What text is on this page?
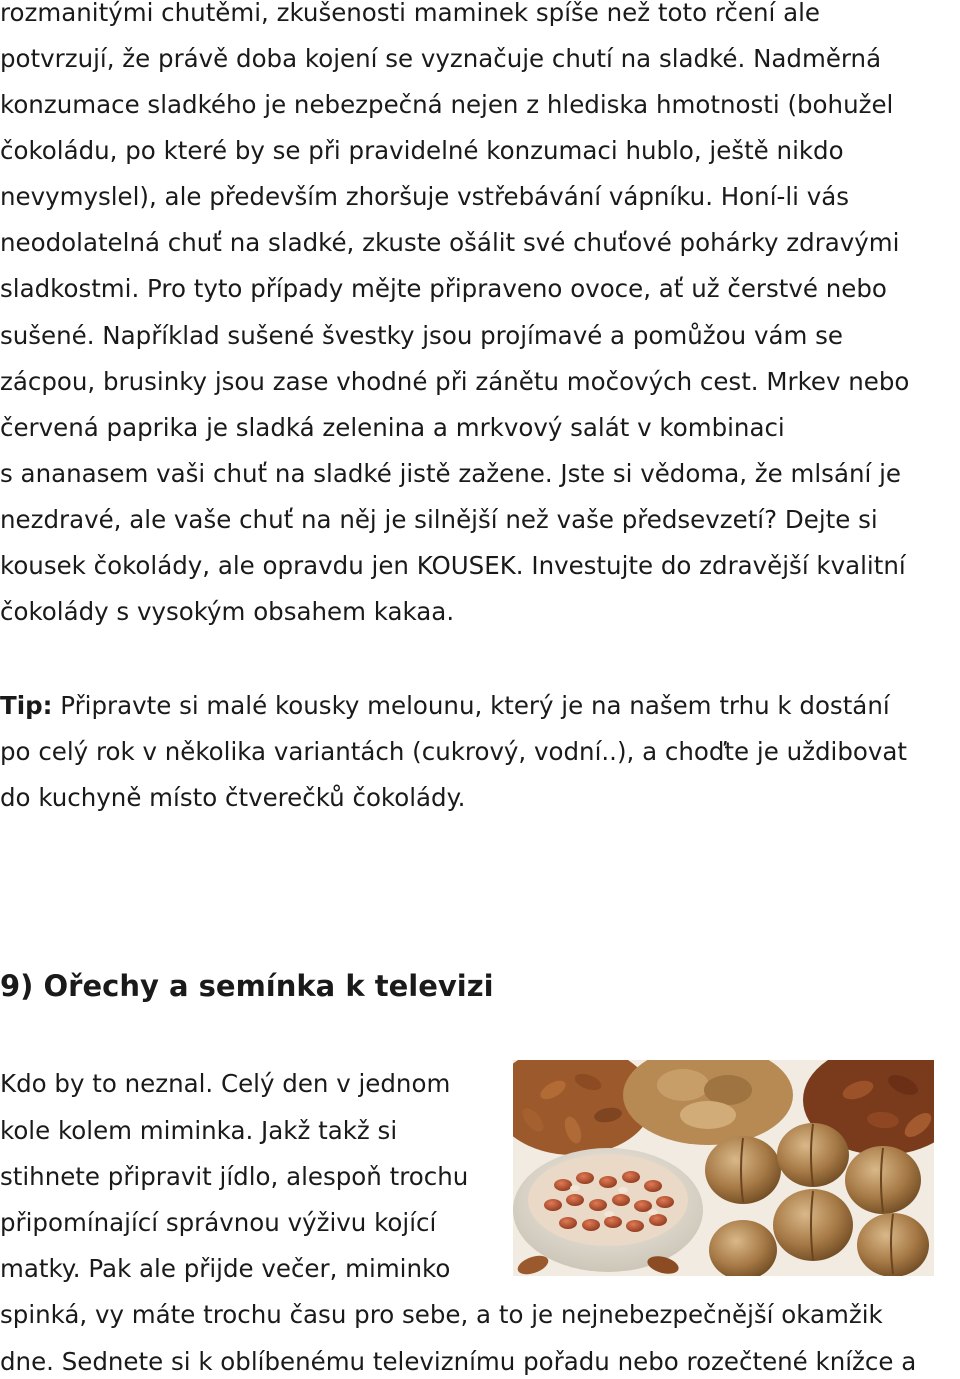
rozmanitými chutěmi, zkušenosti maminek spíše než toto rčení ale
potvrzují, že právě doba kojení se vyznačuje chutí na sladké. Nadměrná
konzumace sladkého je nebezpečná nejen z hlediska hmotnosti (bohužel
čokoládu, po které by se při pravidelné konzumaci hublo, ještě nikdo
nevymyslel), ale především zhoršuje vstřebávání vápníku. Honí-li vás
neodolatelná chuť na sladké, zkuste ošálit své chuťové pohárky zdravými
sladkostmi. Pro tyto případy mějte připraveno ovoce, ať už čerstvé nebo
sušené. Například sušené švestky jsou projímavé a pomůžou vám se
zácpou, brusinky jsou zase vhodné při zánětu močových cest. Mrkev nebo
červená paprika je sladká zelenina a mrkvový salát v kombinaci
s ananasem vaši chuť na sladké jistě zažene. Jste si vědoma, že mlsání je
nezdravé, ale vaše chuť na něj je silnější než vaše předsevzetí? Dejte si
kousek čokolády, ale opravdu jen KOUSEK. Investujte do zdravější kvalitní
čokolády s vysokým obsahem kakaa.
Tip: Připravte si malé kousky melounu, který je na našem trhu k dostání
po celý rok v několika variantách (cukrový, vodní..), a choďte je uždibovat
do kuchyně místo čtverečků čokolády.
9) Ořechy a semínka k televizi
Kdo by to neznal. Celý den v jednom
kole kolem miminka. Jakž takž si
stihnete připravit jídlo, alespoň trochu
připomínající správnou výživu kojící
matky. Pak ale přijde večer, miminko
spinká, vy máte trochu času pro sebe, a to je nejnebezpečnější okamžik
dne. Sednete si k oblíbenému televiznímu pořadu nebo rozečtené knížce a
